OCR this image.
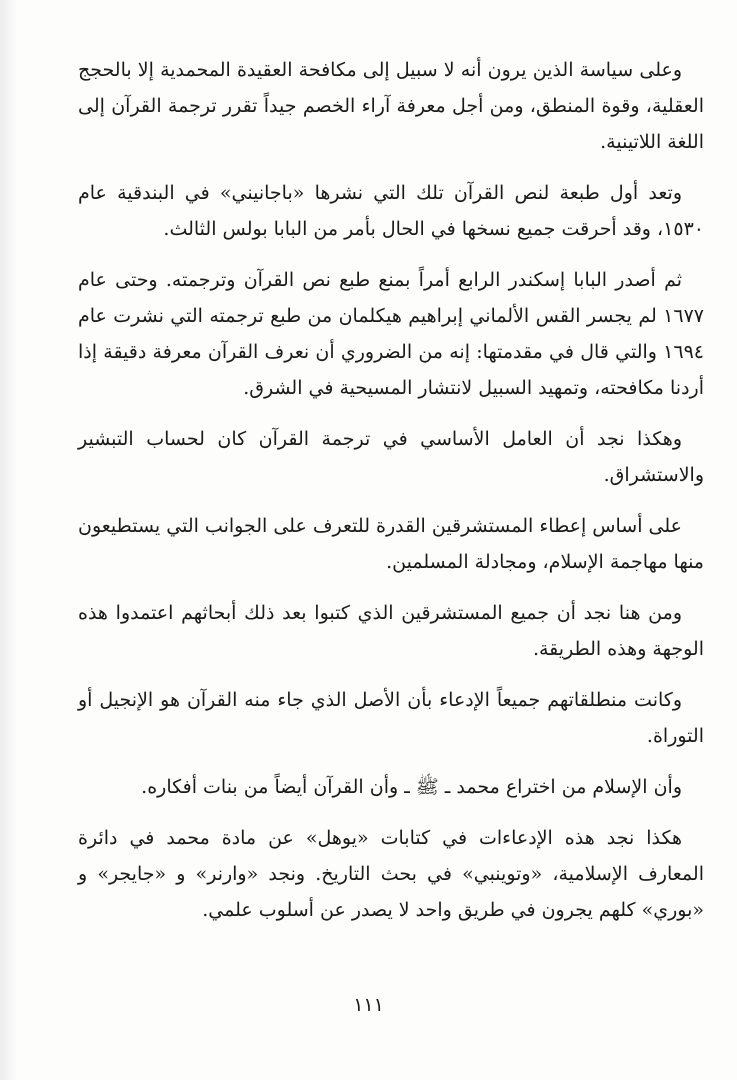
وعلى سياسة الذين يرون أنه لا سبيل إلى مكافحة العقيدة المحمدية إلا بالحجج العقلية، وقوة المنطق، ومن أجل معرفة آراء الخصم جيداً تقرر ترجمة القرآن إلى اللغة اللاتينية.

وتعد أول طبعة لنص القرآن تلك التي نشرها «باجانيني» في البندقية عام ١٥٣٠، وقد أحرقت جميع نسخها في الحال بأمر من البابا بولس الثالث.

ثم أصدر البابا إسكندر الرابع أمراً بمنع طبع نص القرآن وترجمته. وحتى عام ١٦٧٧ لم يجسر القس الألماني إبراهيم هيكلمان من طبع ترجمته التي نشرت عام ١٦٩٤ والتي قال في مقدمتها: إنه من الضروري أن نعرف القرآن معرفة دقيقة إذا أردنا مكافحته، وتمهيد السبيل لانتشار المسيحية في الشرق.

وهكذا نجد أن العامل الأساسي في ترجمة القرآن كان لحساب التبشير والاستشراق.

على أساس إعطاء المستشرقين القدرة للتعرف على الجوانب التي يستطيعون منها مهاجمة الإسلام، ومجادلة المسلمين.

ومن هنا نجد أن جميع المستشرقين الذي كتبوا بعد ذلك أبحاثهم اعتمدوا هذه الوجهة وهذه الطريقة.

وكانت منطلقاتهم جميعاً الإدعاء بأن الأصل الذي جاء منه القرآن هو الإنجيل أو التوراة.

وأن الإسلام من اختراع محمد ـ ﷺ ـ وأن القرآن أيضاً من بنات أفكاره.

هكذا نجد هذه الإدعاءات في كتابات «يوهل» عن مادة محمد في دائرة المعارف الإسلامية، «وتوينبي» في بحث التاريخ. ونجد «وارنر» و «جايجر» و «بوري» كلهم يجرون في طريق واحد لا يصدر عن أسلوب علمي.

١١١
